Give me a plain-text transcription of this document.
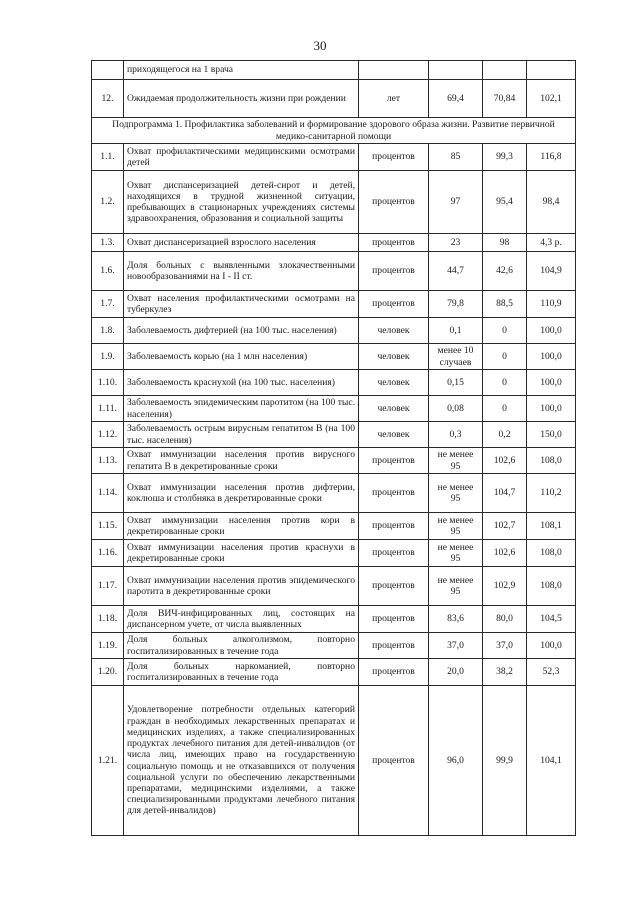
30
	приходящегося на 1 врача				
12.	Ожидаемая продолжительность жизни при рождении	лет	69,4	70,84	102,1
Подпрограмма 1. Профилактика заболеваний и формирование здорового образа жизни. Развитие первичной медико-санитарной помощи					
1.1.	Охват профилактическими медицинскими осмотрами детей	процентов	85	99,3	116,8
1.2.	Охват диспансеризацией детей-сирот и детей, находящихся в трудной жизненной ситуации, пребывающих в стационарных учреждениях системы здравоохранения, образования и социальной защиты	процентов	97	95,4	98,4
1.3.	Охват диспансеризацией взрослого населения	процентов	23	98	4,3 р.
1.6.	Доля больных с выявленными злокачественными новообразованиями на I - II ст.	процентов	44,7	42,6	104,9
1.7.	Охват населения профилактическими осмотрами на туберкулез	процентов	79,8	88,5	110,9
1.8.	Заболеваемость дифтерией (на 100 тыс. населения)	человек	0,1	0	100,0
1.9.	Заболеваемость корью (на 1 млн населения)	человек	менее 10 случаев	0	100,0
1.10.	Заболеваемость краснухой (на 100 тыс. населения)	человек	0,15	0	100,0
1.11.	Заболеваемость эпидемическим паротитом (на 100 тыс. населения)	человек	0,08	0	100,0
1.12.	Заболеваемость острым вирусным гепатитом В (на 100 тыс. населения)	человек	0,3	0,2	150,0
1.13.	Охват иммунизации населения против вирусного гепатита В в декретированные сроки	процентов	не менее 95	102,6	108,0
1.14.	Охват иммунизации населения против дифтерии, коклюша и столбняка в декретированные сроки	процентов	не менее 95	104,7	110,2
1.15.	Охват иммунизации населения против кори в декретированные сроки	процентов	не менее 95	102,7	108,1
1.16.	Охват иммунизации населения против краснухи в декретированные сроки	процентов	не менее 95	102,6	108,0
1.17.	Охват иммунизации населения против эпидемического паротита в декретированные сроки	процентов	не менее 95	102,9	108,0
1.18.	Доля ВИЧ-инфицированных лиц, состоящих на диспансерном учете, от числа выявленных	процентов	83,6	80,0	104,5
1.19.	Доля больных алкоголизмом, повторно госпитализированных в течение года	процентов	37,0	37,0	100,0
1.20.	Доля больных наркоманией, повторно госпитализированных в течение года	процентов	20,0	38,2	52,3
1.21.	Удовлетворение потребности отдельных категорий граждан в необходимых лекарственных препаратах и медицинских изделиях, а также специализированных продуктах лечебного питания для детей-инвалидов (от числа лиц, имеющих право на государственную социальную помощь и не отказавшихся от получения социальной услуги по обеспечению лекарственными препаратами, медицинскими изделиями, а также специализированными продуктами лечебного питания для детей-инвалидов)	процентов	96,0	99,9	104,1
